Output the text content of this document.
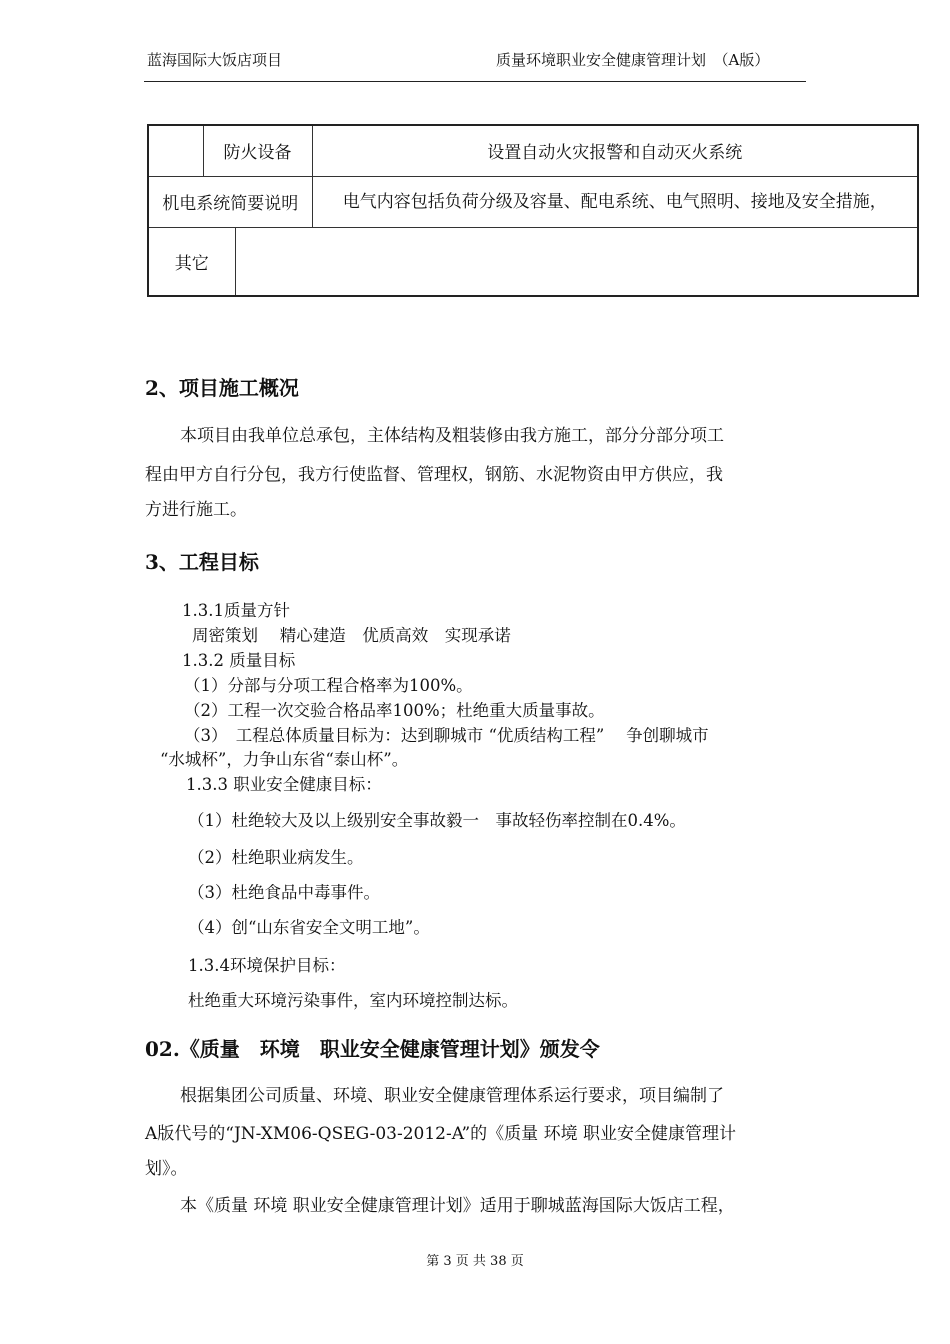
蓝海国际大饭店项目	质量环境职业安全健康管理计划　（A版）
	防火设备		设置自动火灾报警和自动灭火系统
机电系统简要说明			电气内容包括负荷分级及容量、配电系统、电气照明、接地及安全措施，
其它			
2、项目施工概况
本项目由我单位总承包，主体结构及粗装修由我方施工，部分分部分项工
程由甲方自行分包，我方行使监督、管理权，钢筋、水泥物资由甲方供应，我
方进行施工。
3、工程目标
1.3.1质量方针
周密策划　 精心建造　优质高效　实现承诺
1.3.2 质量目标
（1）分部与分项工程合格率为100%。
（2）工程一次交验合格品率100%；杜绝重大质量事故。
（3）　工程总体质量目标为：达到聊城市 “优质结构工程”　 争创聊城市
“水城杯”，力争山东省“泰山杯”。
1.3.3 职业安全健康目标：
（1）杜绝较大及以上级别安全事故毅一　事故轻伤率控制在0.4%。
（2）杜绝职业病发生。
（3）杜绝食品中毒事件。
（4）创“山东省安全文明工地”。
1.3.4环境保护目标：
杜绝重大环境污染事件，室内环境控制达标。
02.《质量　环境　职业安全健康管理计划》颁发令
根据集团公司质量、环境、职业安全健康管理体系运行要求，项目编制了
A版代号的“JN-XM06-QSEG-03-2012-A”的《质量 环境 职业安全健康管理计
划》。
本《质量 环境 职业安全健康管理计划》适用于聊城蓝海国际大饭店工程，
第 3 页 共 38 页
